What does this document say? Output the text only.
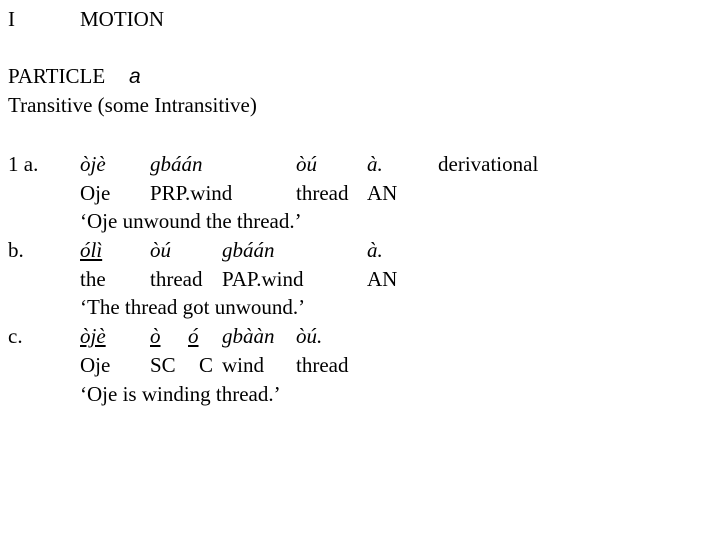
I	MOTION
PARTICLE a
Transitive (some Intransitive)
1 a. òjè gbáán	òú à.	derivational
Oje PRP.wind	thread AN
‘Oje unwound the thread.’
b.	ólì òú gbáán	à.
the thread PAP.wind	AN
‘The thread got unwound.’
c.	òjè ò ó gbààn òú.
Oje SC C wind thread
‘Oje is winding thread.’
